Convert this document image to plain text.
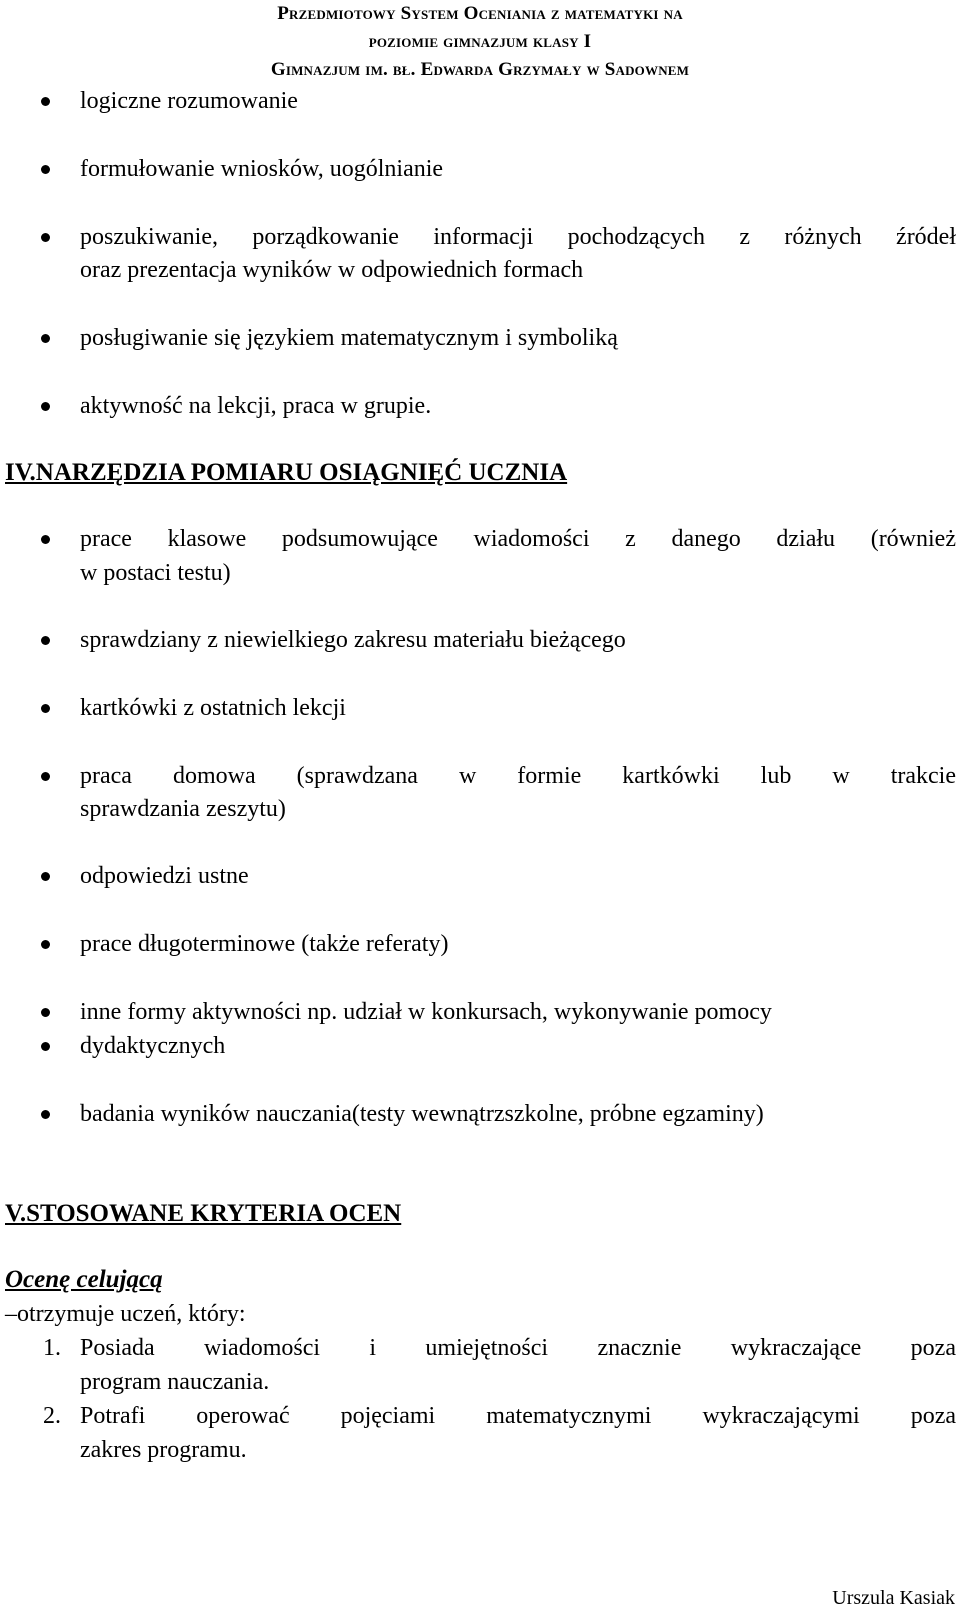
Przedmiotowy System Oceniania z matematyki na
poziomie gimnazjum klasy I
Gimnazjum im. bł. Edwarda Grzymały w Sadownem
logiczne rozumowanie
formułowanie wniosków, uogólnianie
poszukiwanie, porządkowanie informacji pochodzących z różnych źródeł
oraz prezentacja wyników w odpowiednich formach
posługiwanie się językiem matematycznym i symboliką
aktywność na lekcji, praca w grupie.
IV.NARZĘDZIA POMIARU OSIĄGNIĘĆ UCZNIA
prace klasowe podsumowujące wiadomości z danego działu (również
w postaci testu)
sprawdziany z niewielkiego zakresu materiału bieżącego
kartkówki z ostatnich lekcji
praca domowa (sprawdzana w formie kartkówki lub w trakcie
sprawdzania zeszytu)
odpowiedzi ustne
prace długoterminowe (także referaty)
inne formy aktywności np. udział w konkursach, wykonywanie pomocy
dydaktycznych
badania wyników nauczania(testy wewnątrzszkolne, próbne egzaminy)
V.STOSOWANE KRYTERIA OCEN
Ocenę celującą
–otrzymuje uczeń, który:
1. Posiada wiadomości i umiejętności znacznie wykraczające poza
program nauczania.
2. Potrafi operować pojęciami matematycznymi wykraczającymi poza
zakres programu.
Urszula Kasiak
